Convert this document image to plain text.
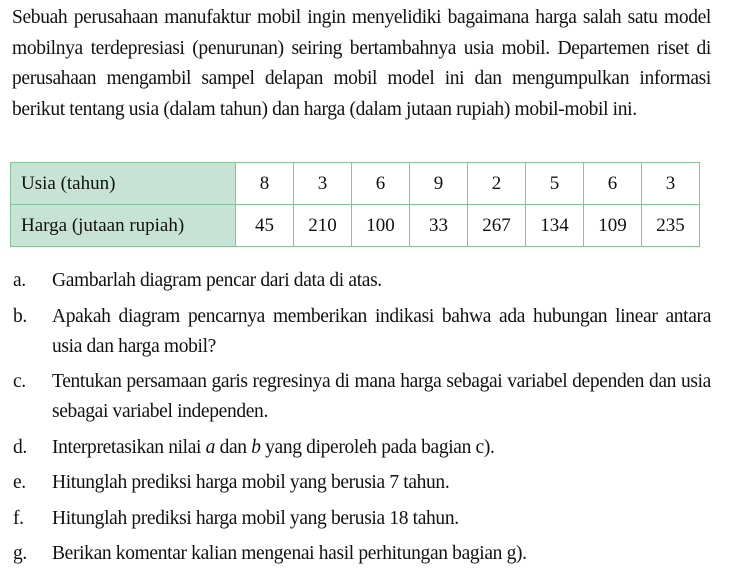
Sebuah perusahaan manufaktur mobil ingin menyelidiki bagaimana harga salah satu model mobilnya terdepresiasi (penurunan) seiring bertambahnya usia mobil. Departemen riset di perusahaan mengambil sampel delapan mobil model ini dan mengumpulkan informasi berikut tentang usia (dalam tahun) dan harga (dalam jutaan rupiah) mobil-mobil ini.

Usia (tahun)	8	3	6	9	2	5	6	3
Harga (jutaan rupiah)	45	210	100	33	267	134	109	235
a. Gambarlah diagram pencar dari data di atas.
b. Apakah diagram pencarnya memberikan indikasi bahwa ada hubungan linear antara usia dan harga mobil?
c. Tentukan persamaan garis regresinya di mana harga sebagai variabel dependen dan usia sebagai variabel independen.
d. Interpretasikan nilai a dan b yang diperoleh pada bagian c).
e. Hitunglah prediksi harga mobil yang berusia 7 tahun.
f. Hitunglah prediksi harga mobil yang berusia 18 tahun.
g. Berikan komentar kalian mengenai hasil perhitungan bagian g).
